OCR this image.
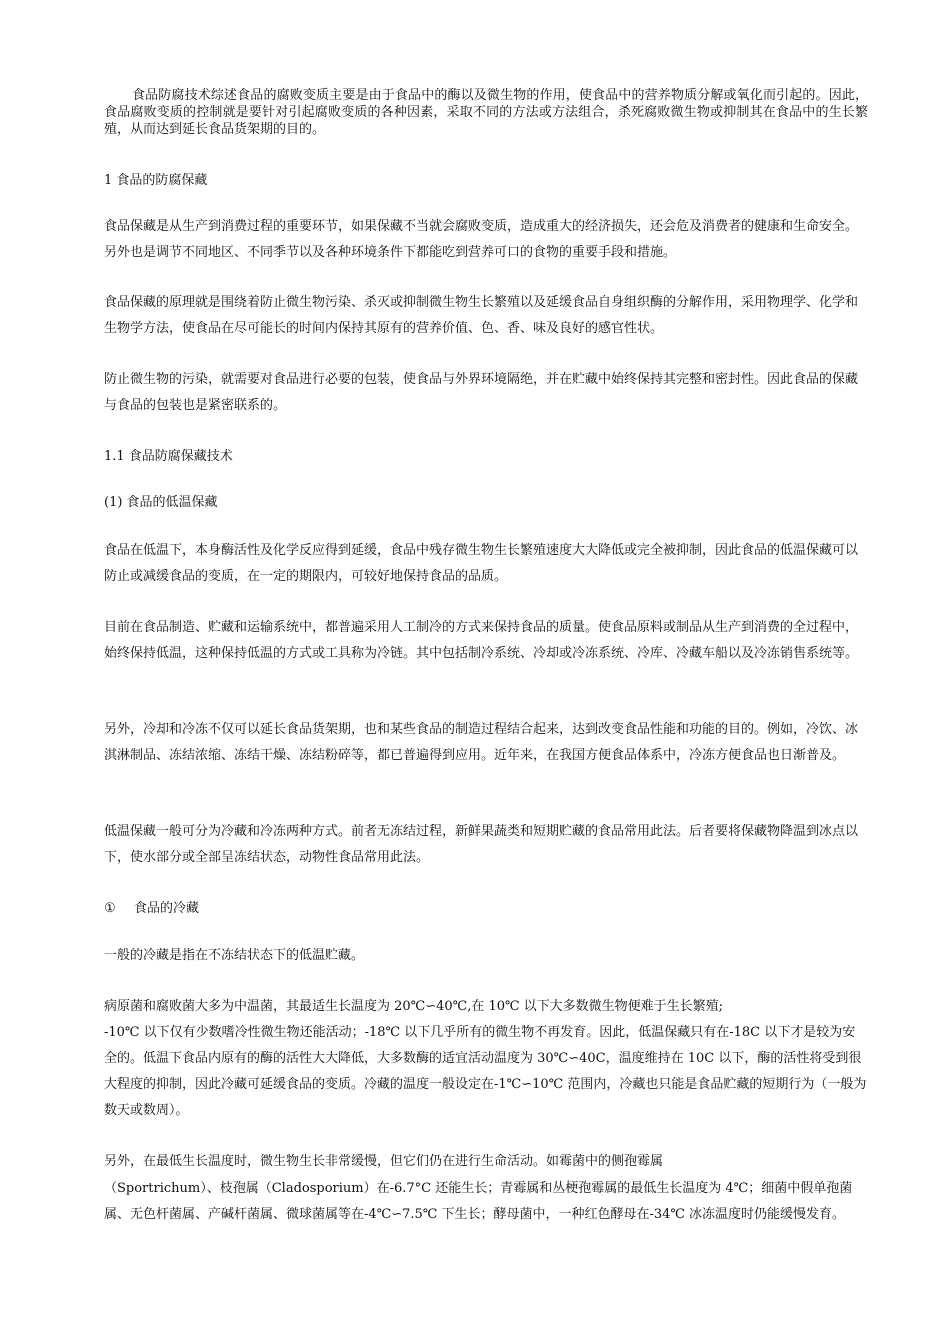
食品防腐技术综述食品的腐败变质主要是由于食品中的酶以及微生物的作用，使食品中的营养物质分解或氧化而引起的。因此，食品腐败变质的控制就是要针对引起腐败变质的各种因素，采取不同的方法或方法组合，杀死腐败微生物或抑制其在食品中的生长繁殖，从而达到延长食品货架期的目的。

1 食品的防腐保藏

食品保藏是从生产到消费过程的重要环节，如果保藏不当就会腐败变质，造成重大的经济损失，还会危及消费者的健康和生命安全。另外也是调节不同地区、不同季节以及各种环境条件下都能吃到营养可口的食物的重要手段和措施。

食品保藏的原理就是围绕着防止微生物污染、杀灭或抑制微生物生长繁殖以及延缓食品自身组织酶的分解作用，采用物理学、化学和生物学方法，使食品在尽可能长的时间内保持其原有的营养价值、色、香、味及良好的感官性状。

防止微生物的污染，就需要对食品进行必要的包装，使食品与外界环境隔绝，并在贮藏中始终保持其完整和密封性。因此食品的保藏与食品的包装也是紧密联系的。

1.1 食品防腐保藏技术

(1) 食品的低温保藏

食品在低温下，本身酶活性及化学反应得到延缓，食品中残存微生物生长繁殖速度大大降低或完全被抑制，因此食品的低温保藏可以防止或减缓食品的变质，在一定的期限内，可较好地保持食品的品质。

目前在食品制造、贮藏和运输系统中，都普遍采用人工制冷的方式来保持食品的质量。使食品原料或制品从生产到消费的全过程中，始终保持低温，这种保持低温的方式或工具称为冷链。其中包括制冷系统、冷却或冷冻系统、冷库、冷藏车船以及冷冻销售系统等。

另外，冷却和冷冻不仅可以延长食品货架期，也和某些食品的制造过程结合起来，达到改变食品性能和功能的目的。例如，冷饮、冰淇淋制品、冻结浓缩、冻结干燥、冻结粉碎等，都已普遍得到应用。近年来，在我国方便食品体系中，冷冻方便食品也日渐普及。

低温保藏一般可分为冷藏和冷冻两种方式。前者无冻结过程，新鲜果蔬类和短期贮藏的食品常用此法。后者要将保藏物降温到冰点以下，使水部分或全部呈冻结状态，动物性食品常用此法。

① 食品的冷藏

一般的冷藏是指在不冻结状态下的低温贮藏。

病原菌和腐败菌大多为中温菌，其最适生长温度为 20℃∽40℃,在 10℃ 以下大多数微生物便难于生长繁殖;

-10℃ 以下仅有少数嗜冷性微生物还能活动；-18℃ 以下几乎所有的微生物不再发育。因此，低温保藏只有在-18C 以下才是较为安全的。低温下食品内原有的酶的活性大大降低，大多数酶的适宜活动温度为 30℃∽40C，温度维持在 10C 以下，酶的活性将受到很大程度的抑制，因此冷藏可延缓食品的变质。冷藏的温度一般设定在-1℃∽10℃ 范围内，冷藏也只能是食品贮藏的短期行为（一般为数天或数周）。

另外，在最低生长温度时，微生物生长非常缓慢，但它们仍在进行生命活动。如霉菌中的侧孢霉属

（Sportrichum）、枝孢属（Cladosporium）在-6.7°C 还能生长；青霉属和丛梗孢霉属的最低生长温度为 4℃；细菌中假单孢菌属、无色杆菌属、产碱杆菌属、微球菌属等在-4℃∽7.5℃ 下生长；酵母菌中，一种红色酵母在-34℃ 冰冻温度时仍能缓慢发育。
